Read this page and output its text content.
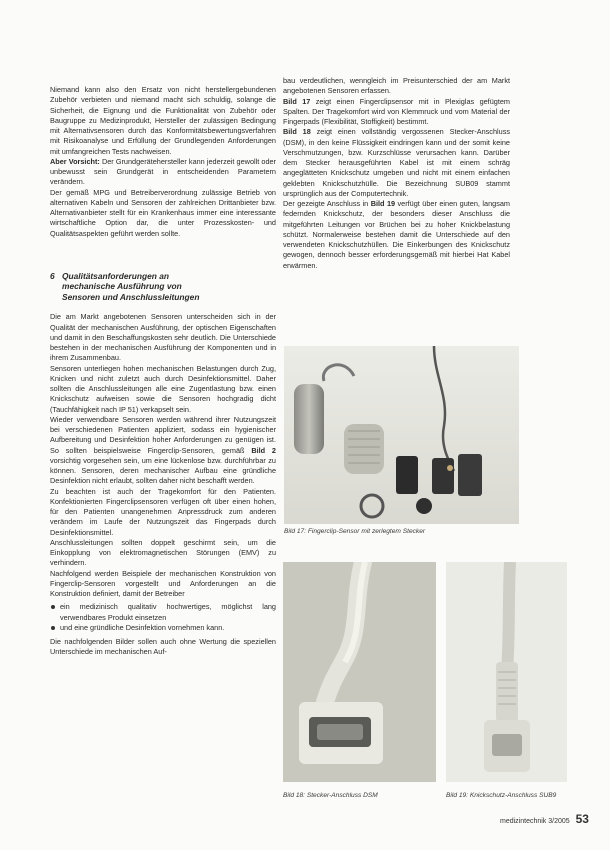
Niemand kann also den Ersatz von nicht herstellergebundenen Zubehör verbieten und niemand macht sich schuldig, solange die Sicherheit, die Eignung und die Funktionalität von Zubehör oder Baugruppe zu Medizinprodukt, Hersteller der zulässigen Bedingung mit Alternativsensoren durch das Konformitätsbewertungsverfahren mit Risikoanalyse und Erfüllung der Grundlegenden Anforderungen mit umfangreichen Tests nachweisen.

Aber Vorsicht: Der Grundgerätehersteller kann jederzeit gewollt oder unbewusst sein Grundgerät in entscheidenden Parametern verändern.

Der gemäß MPG und Betreiberverordnung zulässige Betrieb von alternativen Kabeln und Sensoren der zahlreichen Drittanbieter bzw. Alternativanbieter stellt für ein Krankenhaus immer eine interessante wirtschaftliche Option dar, die unter Prozesskosten- und Qualitätsaspekten geführt werden sollte.

6 Qualitätsanforderungen an
mechanische Ausführung von
Sensoren und Anschlussleitungen

Die am Markt angebotenen Sensoren unterscheiden sich in der Qualität der mechanischen Ausführung, der optischen Eigenschaften und damit in den Beschaffungskosten sehr deutlich. Die Unterschiede bestehen in der mechanischen Ausführung der Komponenten und in ihrem Zusammenbau.

Sensoren unterliegen hohen mechanischen Belastungen durch Zug, Knicken und nicht zuletzt auch durch Desinfektionsmittel. Daher sollten die Anschlussleitungen alle eine Zugentlastung bzw. einen Knickschutz aufweisen sowie die Sensoren hochgradig dicht (Tauchfähigkeit nach IP 51) verkapselt sein.

Wieder verwendbare Sensoren werden während ihrer Nutzungszeit bei verschiedenen Patienten appliziert, sodass ein hygienischer Aufbereitung und Desinfektion hoher Anforderungen zu genügen ist. So sollten beispielsweise Fingerclip-Sensoren, gemäß Bild 2 vorsichtig vorgesehen sein, um eine lückenlose bzw. durchführbar zu können. Sensoren, deren mechanischer Aufbau eine gründliche Desinfektion nicht erlaubt, sollten daher nicht beschafft werden.

Zu beachten ist auch der Tragekomfort für den Patienten. Konfektionierten Fingerclipsensoren verfügen oft über einen hohen, für den Patienten unangenehmen Anpressdruck zum anderen verändern im Laufe der Nutzungszeit das Fingerpads durch Desinfektionsmittel.

Anschlussleitungen sollten doppelt geschirmt sein, um die Einkopplung von elektromagnetischen Störungen (EMV) zu verhindern.

Nachfolgend werden Beispiele der mechanischen Konstruktion von Fingerclip-Sensoren vorgestellt und Anforderungen an die Konstruktion definiert, damit der Betreiber

ein medizinisch qualitativ hochwertiges, möglichst lang verwendbares Produkt einsetzen
und eine gründliche Desinfektion vornehmen kann.

Die nachfolgenden Bilder sollen auch ohne Wertung die speziellen Unterschiede im mechanischen Auf-

bau verdeutlichen, wenngleich im Preisunterschied der am Markt angebotenen Sensoren erfassen.

Bild 17 zeigt einen Fingerclipsensor mit in Plexiglas gefügtem Spalten. Der Tragekomfort wird von Klemmruck und vom Material der Fingerpads (Flexibilität, Stoffigkeit) bestimmt.

Bild 18 zeigt einen vollständig vergossenen Stecker-Anschluss (DSM), in den keine Flüssigkeit eindringen kann und der somit keine Verschmutzungen, bzw. Kurzschlüsse verursachen kann. Darüber dem Stecker herausgeführten Kabel ist mit einem schräg angeglätteten Knickschutz umgeben und nicht mit einem einfachen geklebten Knickschutzhülle. Die Bezeichnung SUB09 stammt ursprünglich aus der Computertechnik.

Der gezeigte Anschluss in Bild 19 verfügt über einen guten, langsam federnden Knickschutz, der besonders dieser Anschluss die mitgeführten Leitungen vor Brüchen bei zu hoher Knickbelastung schützt. Normalerweise bestehen damit die Unterschiede auf den verwendeten Knickschutzhüllen. Die Einkerbungen des Knickschutz gewogen, dennoch besser erforderungsgemäß mit hierbei Hat Kabel erwärmen.

Bild 17: Fingerclip-Sensor mit zerlegtem Stecker
Bild 18: Stecker-Anschluss DSM	Bild 19: Knickschutz-Anschluss SUB9
medizintechnik 3/2005 53
